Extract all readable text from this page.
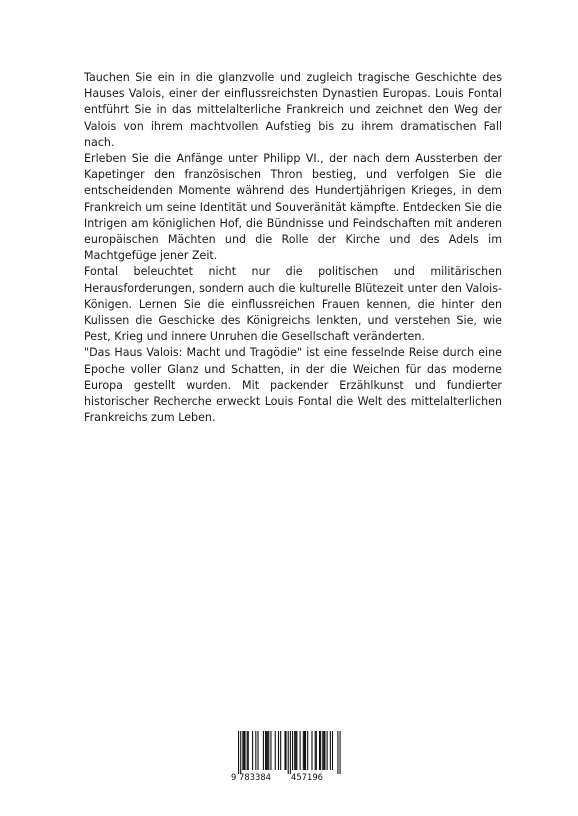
Tauchen Sie ein in die glanzvolle und zugleich tragische Geschichte des Hauses Valois, einer der einflussreichsten Dynastien Europas. Louis Fontal entführt Sie in das mittelalterliche Frankreich und zeichnet den Weg der Valois von ihrem machtvollen Aufstieg bis zu ihrem dramatischen Fall nach.

Erleben Sie die Anfänge unter Philipp VI., der nach dem Aussterben der Kapetinger den französischen Thron bestieg, und verfolgen Sie die entscheidenden Momente während des Hundertjährigen Krieges, in dem Frankreich um seine Identität und Souveränität kämpfte. Entdecken Sie die Intrigen am königlichen Hof, die Bündnisse und Feindschaften mit anderen europäischen Mächten und die Rolle der Kirche und des Adels im Machtgefüge jener Zeit.

Fontal beleuchtet nicht nur die politischen und militärischen Herausforderungen, sondern auch die kulturelle Blütezeit unter den Valois-Königen. Lernen Sie die einflussreichen Frauen kennen, die hinter den Kulissen die Geschicke des Königreichs lenkten, und verstehen Sie, wie Pest, Krieg und innere Unruhen die Gesellschaft veränderten.

"Das Haus Valois: Macht und Tragödie" ist eine fesselnde Reise durch eine Epoche voller Glanz und Schatten, in der die Weichen für das moderne Europa gestellt wurden. Mit packender Erzählkunst und fundierter historischer Recherche erweckt Louis Fontal die Welt des mittelalterlichen Frankreichs zum Leben.

9 783384 457196
